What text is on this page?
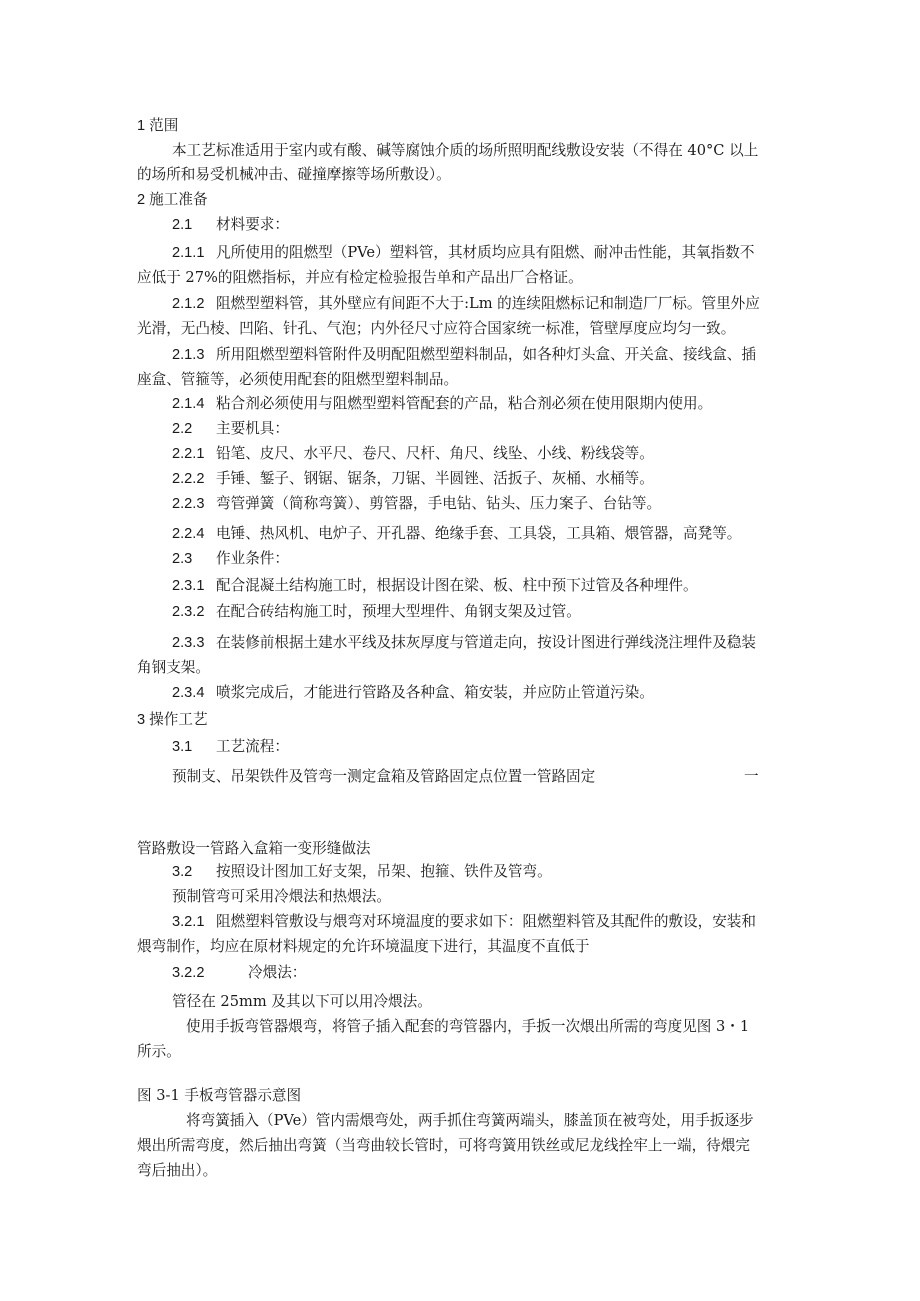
1 范围
本工艺标准适用于室内或有酸、碱等腐蚀介质的场所照明配线敷设安装（不得在 40°C 以上
的场所和易受机械冲击、碰撞摩擦等场所敷设）。
2 施工准备
2.1 材料要求：
2.1.1 凡所使用的阻燃型（PVe）塑料管，其材质均应具有阻燃、耐冲击性能，其氧指数不
应低于 27%的阻燃指标，并应有检定检验报告单和产品出厂合格证。
2.1.2 阻燃型塑料管，其外壁应有间距不大于:Lm 的连续阻燃标记和制造厂厂标。管里外应
光滑，无凸棱、凹陷、针孔、气泡；内外径尺寸应符合国家统一标准，管壁厚度应均匀一致。
2.1.3 所用阻燃型塑料管附件及明配阻燃型塑料制品，如各种灯头盒、开关盒、接线盒、插
座盒、管箍等，必须使用配套的阻燃型塑料制品。
2.1.4 粘合剂必须使用与阻燃型塑料管配套的产品，粘合剂必须在使用限期内使用。
2.2 主要机具：
2.2.1 铅笔、皮尺、水平尺、卷尺、尺杆、角尺、线坠、小线、粉线袋等。
2.2.2 手锤、錾子、钢锯、锯条，刀锯、半圆锉、活扳子、灰桶、水桶等。
2.2.3 弯管弹簧（简称弯簧）、剪管器，手电钻、钻头、压力案子、台钻等。
2.2.4 电锤、热风机、电炉子、开孔器、绝缘手套、工具袋，工具箱、煨管器，高凳等。
2.3 作业条件：
2.3.1 配合混凝土结构施工时，根据设计图在梁、板、柱中预下过管及各种埋件。
2.3.2 在配合砖结构施工时，预埋大型埋件、角钢支架及过管。
2.3.3 在装修前根据土建水平线及抹灰厚度与管道走向，按设计图进行弹线浇注埋件及稳装
角钢支架。
2.3.4 喷浆完成后，才能进行管路及各种盒、箱安装，并应防止管道污染。
3 操作工艺
3.1 工艺流程：
预制支、吊架铁件及管弯一测定盒箱及管路固定点位置一管路固定	一
管路敷设一管路入盒箱一变形缝做法
3.2 按照设计图加工好支架，吊架、抱箍、铁件及管弯。
预制管弯可采用冷煨法和热煨法。
3.2.1 阻燃塑料管敷设与煨弯对环境温度的要求如下：阻燃塑料管及其配件的敷设，安装和
煨弯制作，均应在原材料规定的允许环境温度下进行，其温度不直低于
3.2.2	冷煨法：
管径在 25mm 及其以下可以用冷煨法。
使用手扳弯管器煨弯，将管子插入配套的弯管器内，手扳一次煨出所需的弯度见图 3・1
所示。
图 3-1 手板弯管器示意图
将弯簧插入（PVe）管内需煨弯处，两手抓住弯簧两端头，膝盖顶在被弯处，用手扳逐步
煨出所需弯度，然后抽出弯簧（当弯曲较长管时，可将弯簧用铁丝或尼龙线拴牢上一端，待煨完
弯后抽出）。
